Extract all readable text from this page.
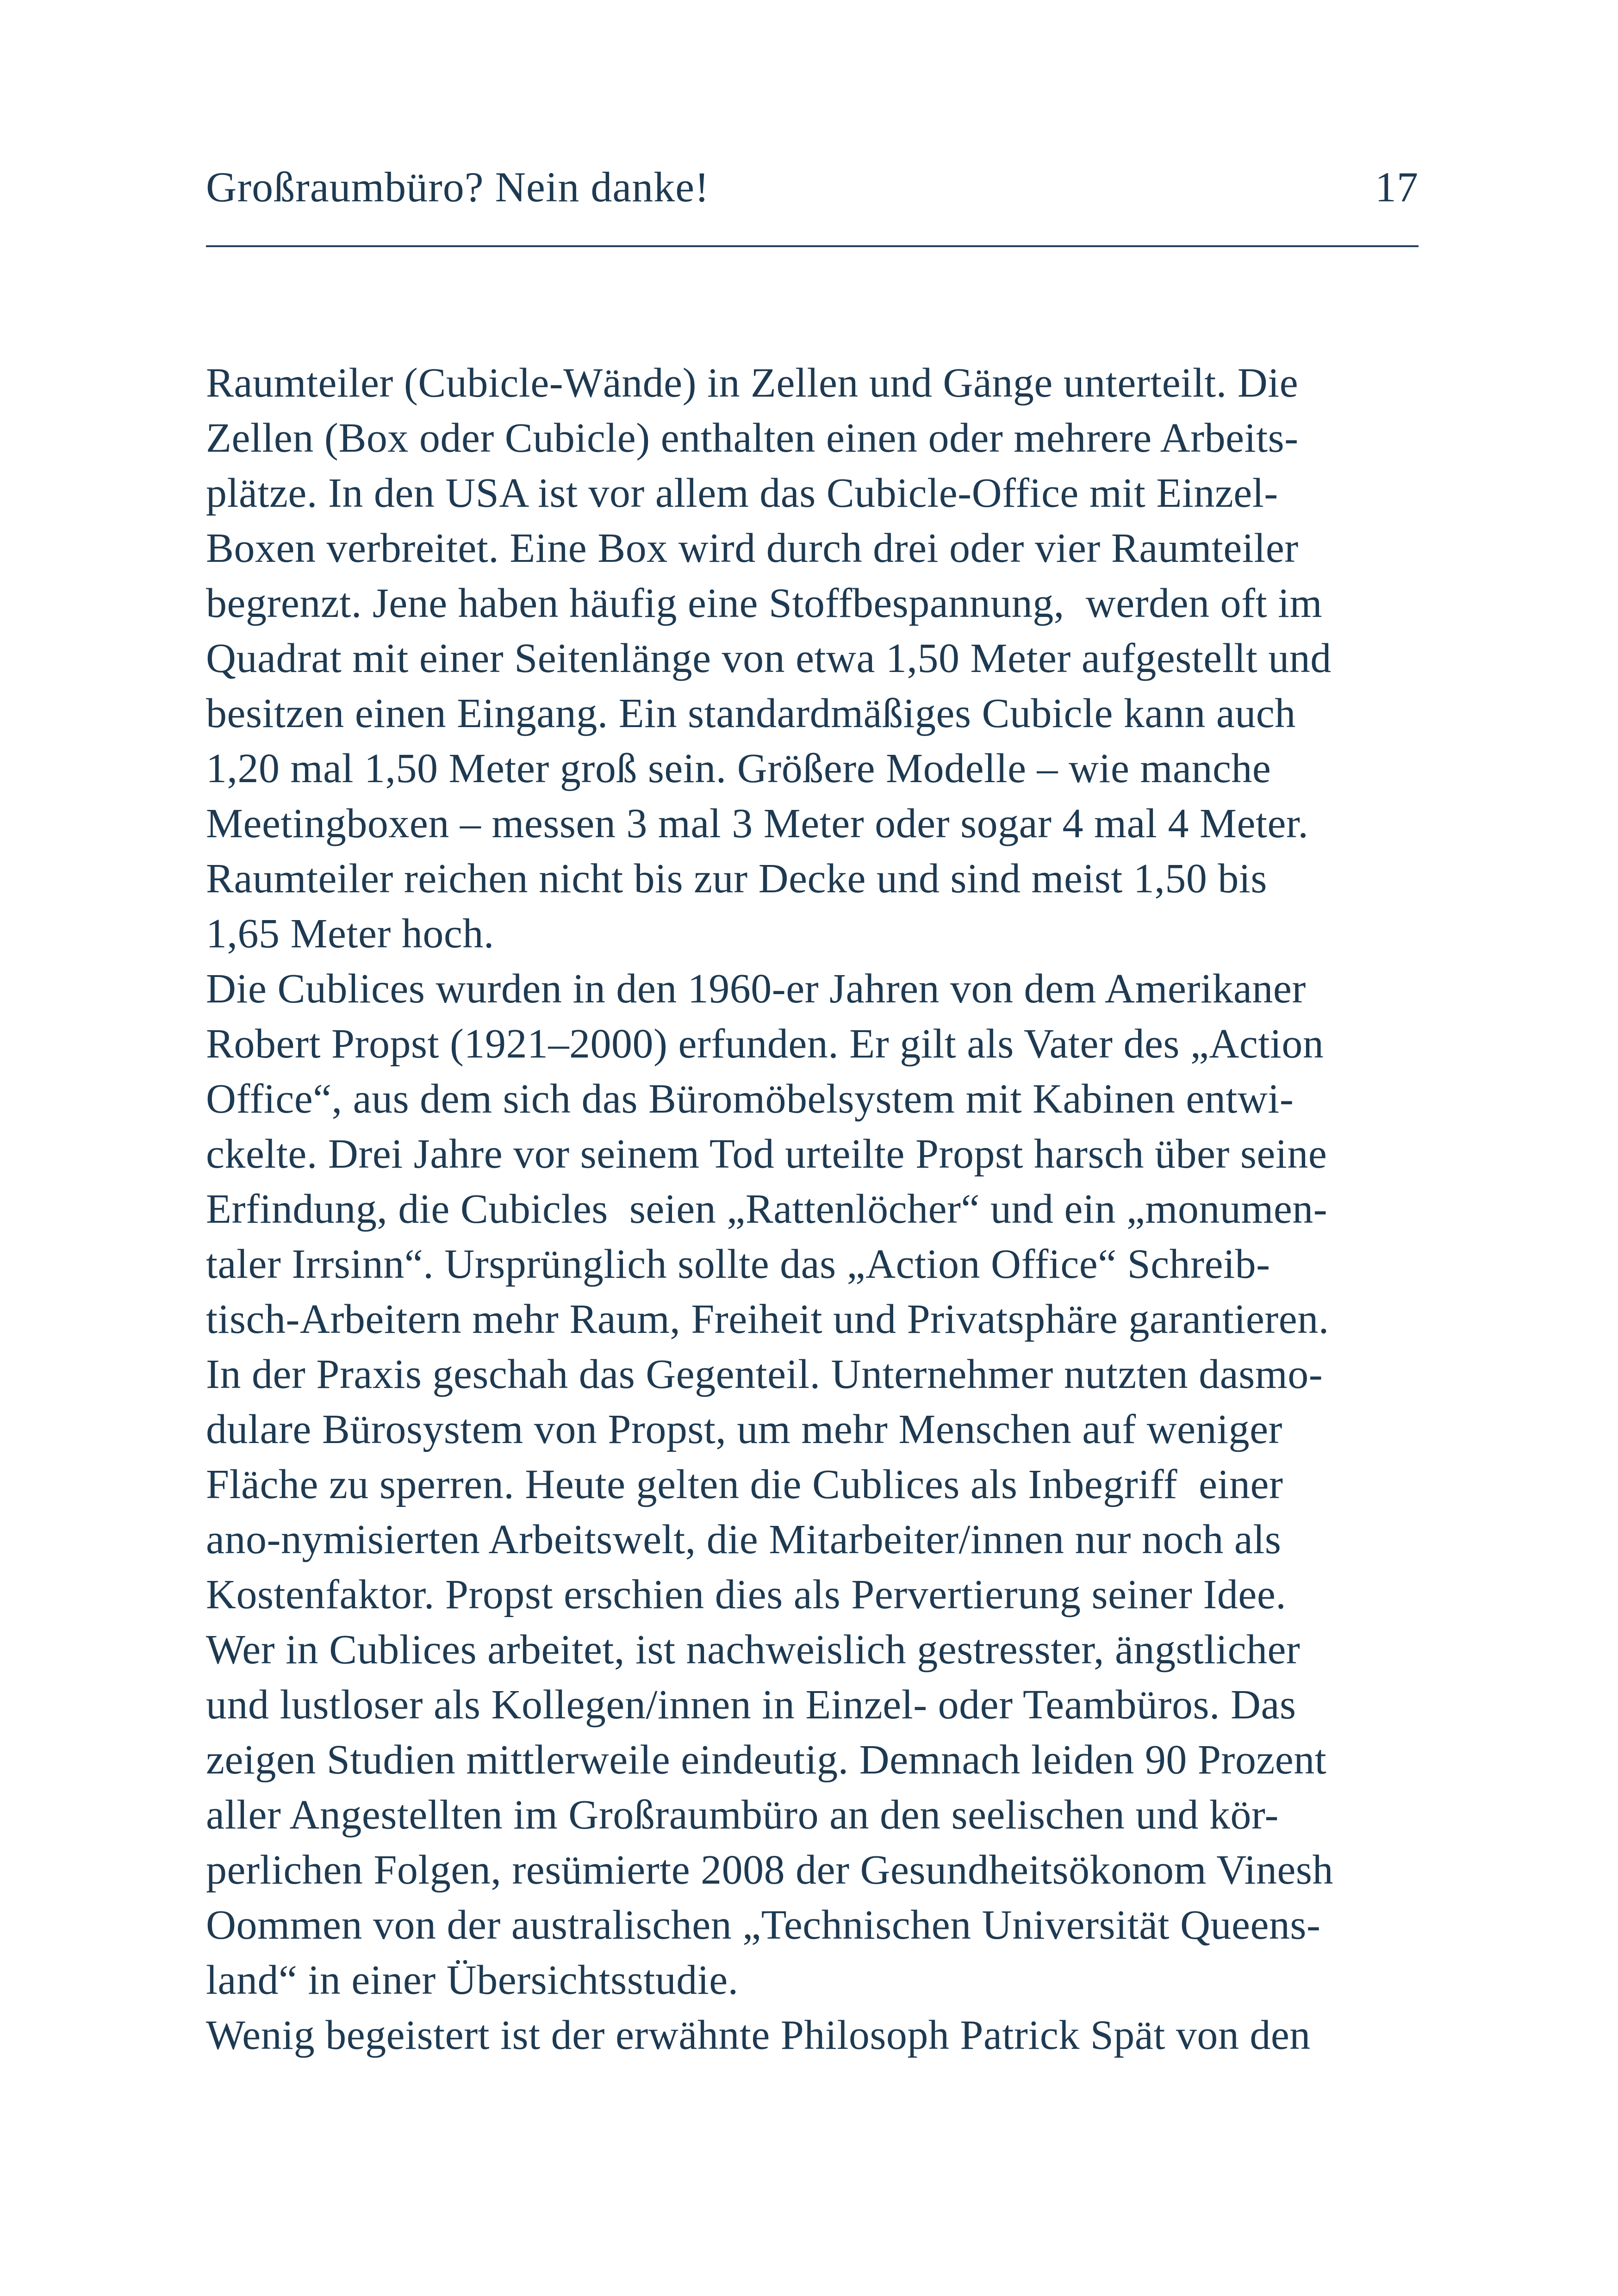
Großraumbüro? Nein danke!	17
Raumteiler (Cubicle-Wände) in Zellen und Gänge unterteilt. Die
Zellen (Box oder Cubicle) enthalten einen oder mehrere Arbeits-
plätze. In den USA ist vor allem das Cubicle-Office mit Einzel-
Boxen verbreitet. Eine Box wird durch drei oder vier Raumteiler
begrenzt. Jene haben häufig eine Stoffbespannung,  werden oft im
Quadrat mit einer Seitenlänge von etwa 1,50 Meter aufgestellt und
besitzen einen Eingang. Ein standardmäßiges Cubicle kann auch
1,20 mal 1,50 Meter groß sein. Größere Modelle – wie manche
Meetingboxen – messen 3 mal 3 Meter oder sogar 4 mal 4 Meter.
Raumteiler reichen nicht bis zur Decke und sind meist 1,50 bis
1,65 Meter hoch.
Die Cublices wurden in den 1960-er Jahren von dem Amerikaner
Robert Propst (1921–2000) erfunden. Er gilt als Vater des „Action
Office“, aus dem sich das Büromöbelsystem mit Kabinen entwi-
ckelte. Drei Jahre vor seinem Tod urteilte Propst harsch über seine
Erfindung, die Cubicles  seien „Rattenlöcher“ und ein „monumen-
taler Irrsinn“. Ursprünglich sollte das „Action Office“ Schreib-
tisch-Arbeitern mehr Raum, Freiheit und Privatsphäre garantieren.
In der Praxis geschah das Gegenteil. Unternehmer nutzten dasmo-
dulare Bürosystem von Propst, um mehr Menschen auf weniger
Fläche zu sperren. Heute gelten die Cublices als Inbegriff  einer
ano-nymisierten Arbeitswelt, die Mitarbeiter/innen nur noch als
Kostenfaktor. Propst erschien dies als Pervertierung seiner Idee.
Wer in Cublices arbeitet, ist nachweislich gestresster, ängstlicher
und lustloser als Kollegen/innen in Einzel- oder Teambüros. Das
zeigen Studien mittlerweile eindeutig. Demnach leiden 90 Prozent
aller Angestellten im Großraumbüro an den seelischen und kör-
perlichen Folgen, resümierte 2008 der Gesundheitsökonom Vinesh
Oommen von der australischen „Technischen Universität Queens-
land“ in einer Übersichtsstudie.
Wenig begeistert ist der erwähnte Philosoph Patrick Spät von den
